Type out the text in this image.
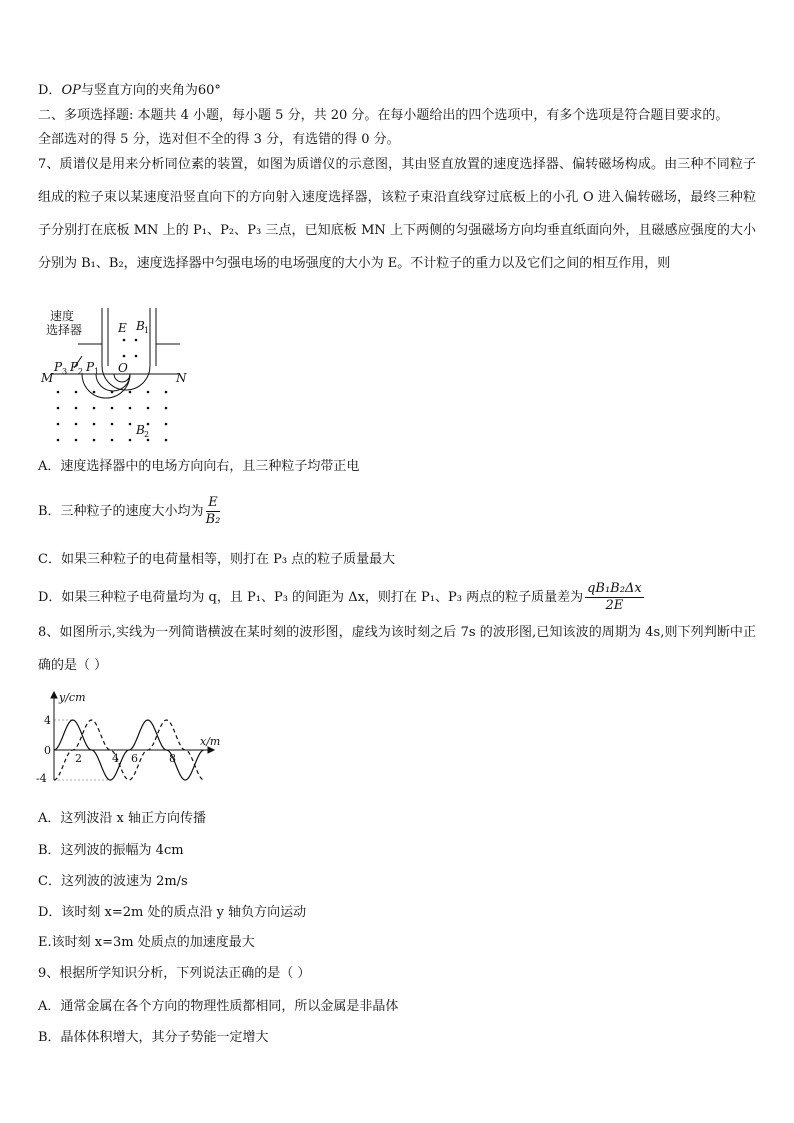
D．OP与竖直方向的夹角为60°
二、多项选择题: 本题共 4 小题，每小题 5 分，共 20 分。在每小题给出的四个选项中，有多个选项是符合题目要求的。
全部选对的得 5 分，选对但不全的得 3 分，有选错的得 0 分。
7、质谱仪是用来分析同位素的装置，如图为质谱仪的示意图，其由竖直放置的速度选择器、偏转磁场构成。由三种不同粒子组成的粒子束以某速度沿竖直向下的方向射入速度选择器，该粒子束沿直线穿过底板上的小孔 O 进入偏转磁场，最终三种粒子分别打在底板 MN 上的 P₁、P₂、P₃ 三点，已知底板 MN 上下两侧的匀强磁场方向均垂直纸面向外，且磁感应强度的大小分别为 B₁、B₂，速度选择器中匀强电场的电场强度的大小为 E。不计粒子的重力以及它们之间的相互作用，则
速度
选择器	E B 1
O
P 3 P 2 P 1
M	N
B 2
A．速度选择器中的电场方向向右，且三种粒子均带正电
B．三种粒子的速度大小均为 $\frac{E}{\text{B₂}}$
C．如果三种粒子的电荷量相等，则打在 P₃ 点的粒子质量最大
D．如果三种粒子电荷量均为 q，且 P₁、P₃ 的间距为 Δx，则打在 P₁、P₃ 两点的粒子质量差为 $\frac{\text{qB₁B₂Δx}}{2E}$
8、如图所示,实线为一列简谐横波在某时刻的波形图，虚线为该时刻之后 7s 的波形图,已知该波的周期为 4s,则下列判断中正确的是（ ）
y/cm
x/m
4
0
-4
2	4 6	8
A．这列波沿 x 轴正方向传播
B．这列波的振幅为 4cm
C．这列波的波速为 2m/s
D．该时刻 x=2m 处的质点沿 y 轴负方向运动
E.该时刻 x=3m 处质点的加速度最大
9、根据所学知识分析，下列说法正确的是（ ）
A．通常金属在各个方向的物理性质都相同，所以金属是非晶体
B．晶体体积增大，其分子势能一定增大
